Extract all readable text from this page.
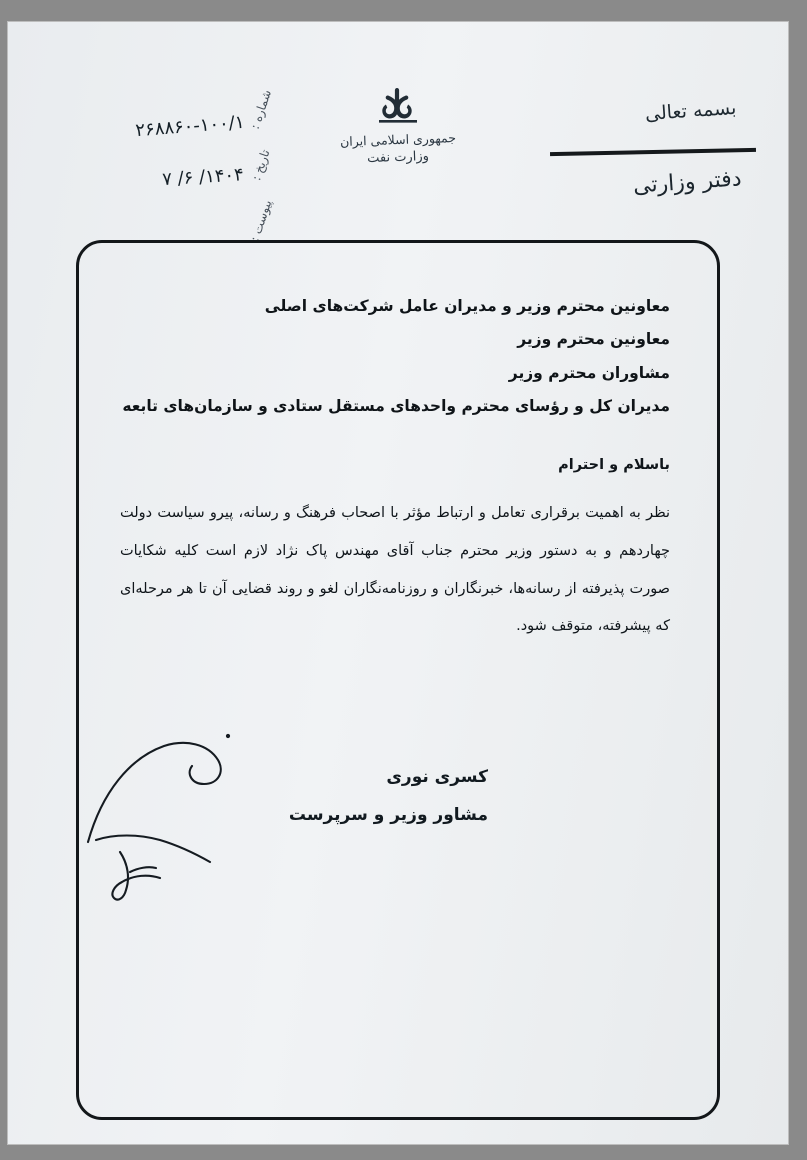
شماره :
١٠٠/١-٢۶٨٨۶٠
تاریخ :
١۴٠۴/ ۶/ ٧
پیوست :
جمهوری اسلامی ایران
وزارت نفت
بسمه تعالی
دفتر وزارتی
معاونین محترم وزیر و مدیران عامل شرکت‌های اصلی
معاونین محترم وزیر
مشاوران محترم وزیر
مدیران کل و رؤسای محترم واحدهای مستقل ستادی و سازمان‌های تابعه
باسلام و احترام
نظر به اهمیت برقراری تعامل و ارتباط مؤثر با اصحاب فرهنگ و رسانه، پیرو سیاست دولت چهاردهم و به دستور وزیر محترم جناب آقای مهندس پاک نژاد لازم است کلیه شکایات صورت پذیرفته از رسانه‌ها، خبرنگاران و روزنامه‌نگاران لغو و روند قضایی آن تا هر مرحله‌ای که پیشرفته، متوقف شود.
کسری نوری
مشاور وزیر و سرپرست
